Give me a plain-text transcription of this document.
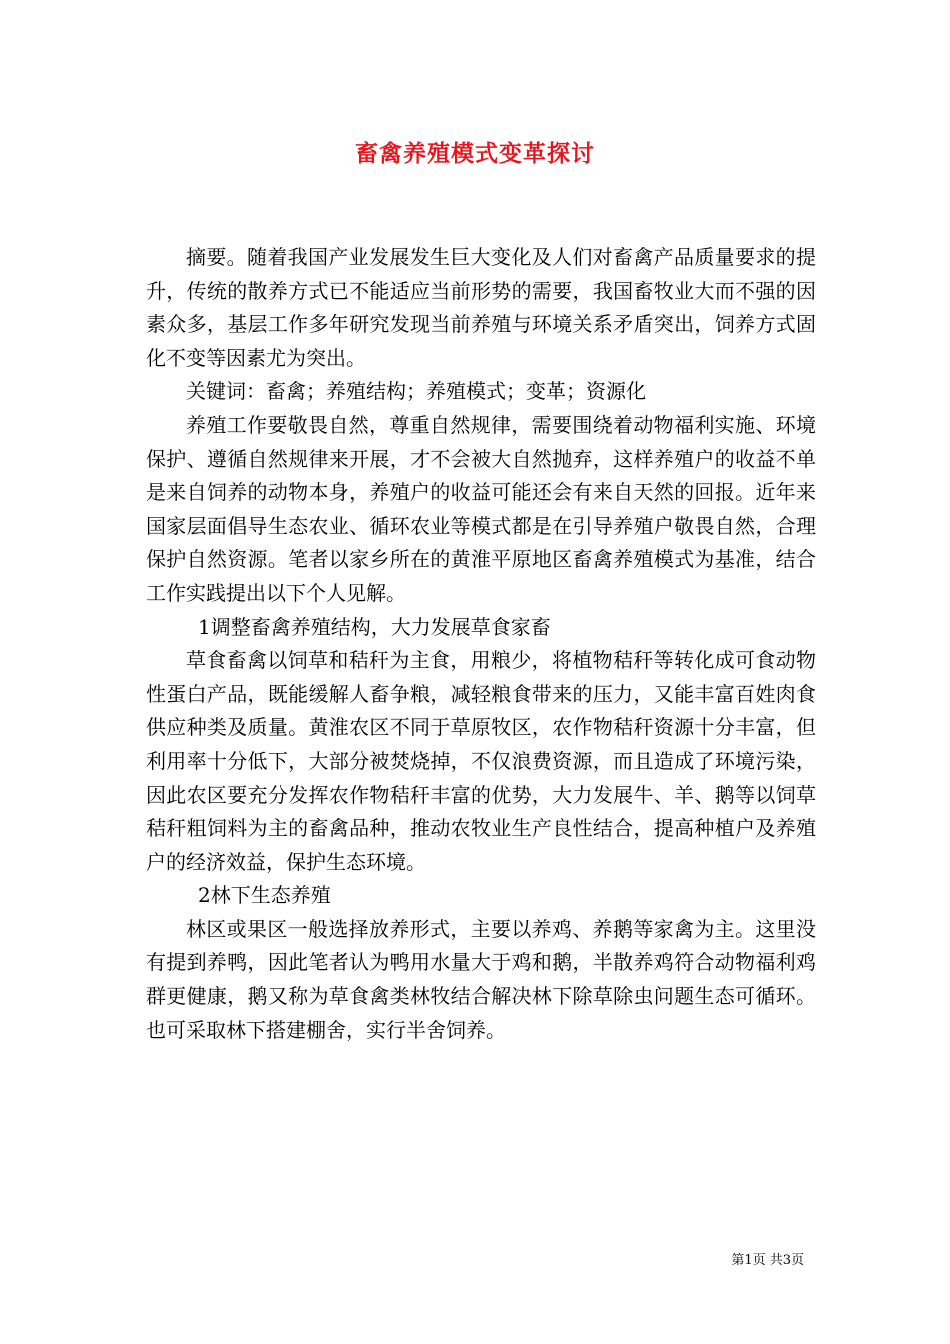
畜禽养殖模式变革探讨

摘要。随着我国产业发展发生巨大变化及人们对畜禽产品质量要求的提升，传统的散养方式已不能适应当前形势的需要，我国畜牧业大而不强的因素众多，基层工作多年研究发现当前养殖与环境关系矛盾突出，饲养方式固化不变等因素尤为突出。

关键词：畜禽；养殖结构；养殖模式；变革；资源化

养殖工作要敬畏自然，尊重自然规律，需要围绕着动物福利实施、环境保护、遵循自然规律来开展，才不会被大自然抛弃，这样养殖户的收益不单是来自饲养的动物本身，养殖户的收益可能还会有来自天然的回报。近年来国家层面倡导生态农业、循环农业等模式都是在引导养殖户敬畏自然，合理保护自然资源。笔者以家乡所在的黄淮平原地区畜禽养殖模式为基准，结合工作实践提出以下个人见解。

1调整畜禽养殖结构，大力发展草食家畜

草食畜禽以饲草和秸秆为主食，用粮少，将植物秸秆等转化成可食动物性蛋白产品，既能缓解人畜争粮，减轻粮食带来的压力，又能丰富百姓肉食供应种类及质量。黄淮农区不同于草原牧区，农作物秸秆资源十分丰富，但利用率十分低下，大部分被焚烧掉，不仅浪费资源，而且造成了环境污染，因此农区要充分发挥农作物秸秆丰富的优势，大力发展牛、羊、鹅等以饲草秸秆粗饲料为主的畜禽品种，推动农牧业生产良性结合，提高种植户及养殖户的经济效益，保护生态环境。

2林下生态养殖

林区或果区一般选择放养形式，主要以养鸡、养鹅等家禽为主。这里没有提到养鸭，因此笔者认为鸭用水量大于鸡和鹅，半散养鸡符合动物福利鸡群更健康，鹅又称为草食禽类林牧结合解决林下除草除虫问题生态可循环。也可采取林下搭建棚舍，实行半舍饲养。

第1页 共3页
